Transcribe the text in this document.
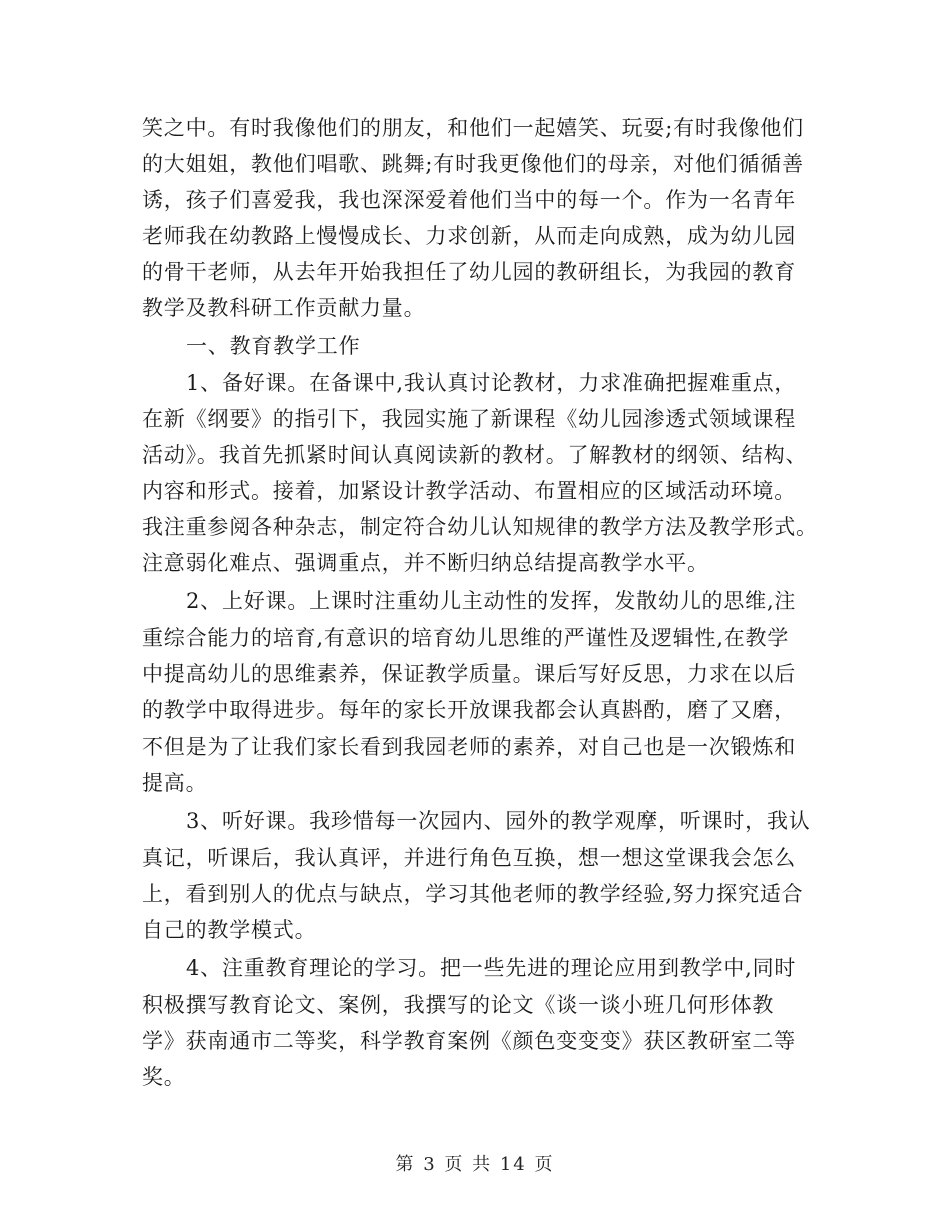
笑之中。有时我像他们的朋友，和他们一起嬉笑、玩耍;有时我像他们
的大姐姐，教他们唱歌、跳舞;有时我更像他们的母亲，对他们循循善
诱，孩子们喜爱我，我也深深爱着他们当中的每一个。作为一名青年
老师我在幼教路上慢慢成长、力求创新，从而走向成熟，成为幼儿园
的骨干老师，从去年开始我担任了幼儿园的教研组长，为我园的教育
教学及教科研工作贡献力量。
一、教育教学工作
1、备好课。在备课中,我认真讨论教材，力求准确把握难重点，
在新《纲要》的指引下，我园实施了新课程《幼儿园渗透式领域课程
活动》。我首先抓紧时间认真阅读新的教材。了解教材的纲领、结构、
内容和形式。接着，加紧设计教学活动、布置相应的区域活动环境。
我注重参阅各种杂志，制定符合幼儿认知规律的教学方法及教学形式。
注意弱化难点、强调重点，并不断归纳总结提高教学水平。
2、上好课。上课时注重幼儿主动性的发挥，发散幼儿的思维,注
重综合能力的培育,有意识的培育幼儿思维的严谨性及逻辑性,在教学
中提高幼儿的思维素养，保证教学质量。课后写好反思，力求在以后
的教学中取得进步。每年的家长开放课我都会认真斟酌，磨了又磨，
不但是为了让我们家长看到我园老师的素养，对自己也是一次锻炼和
提高。
3、听好课。我珍惜每一次园内、园外的教学观摩，听课时，我认
真记，听课后，我认真评，并进行角色互换，想一想这堂课我会怎么
上，看到别人的优点与缺点，学习其他老师的教学经验,努力探究适合
自己的教学模式。
4、注重教育理论的学习。把一些先进的理论应用到教学中,同时
积极撰写教育论文、案例，我撰写的论文《谈一谈小班几何形体教
学》获南通市二等奖，科学教育案例《颜色变变变》获区教研室二等
奖。
第 3 页 共 14 页
